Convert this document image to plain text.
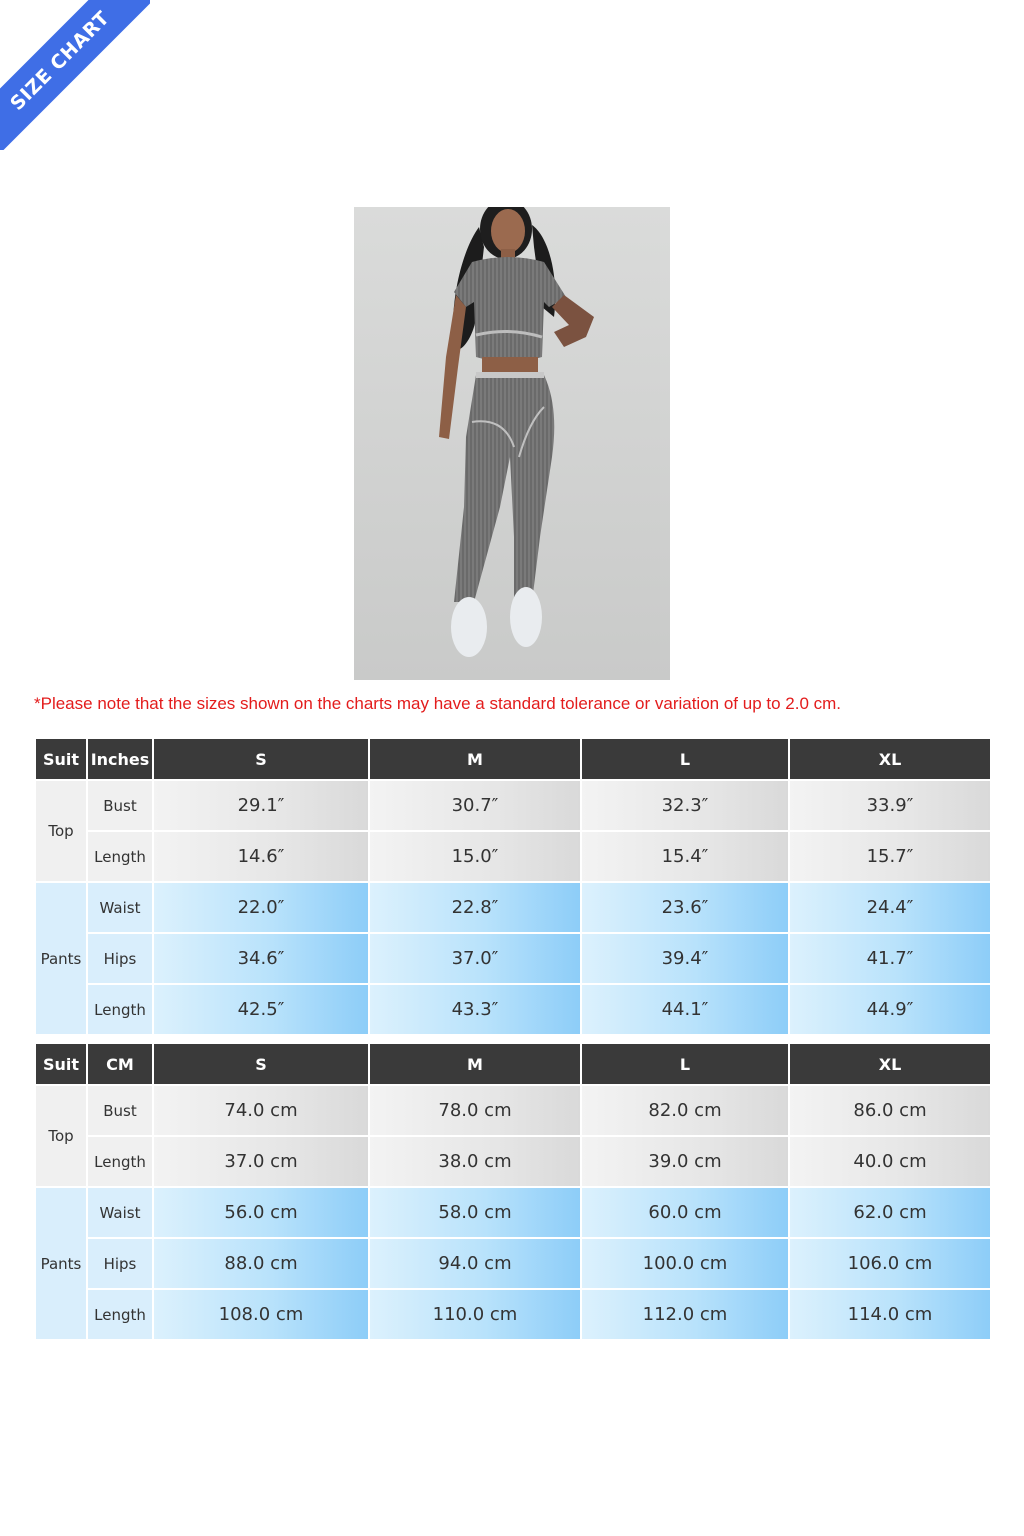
SIZE CHART
*Please note that the sizes shown on the charts may have a standard tolerance or variation of up to 2.0 cm.
Suit	Inches	S	M	L	XL
Top	Bust	29.1″	30.7″	32.3″	33.9″
	Length	14.6″	15.0″	15.4″	15.7″
Pants	Waist	22.0″	22.8″	23.6″	24.4″
	Hips	34.6″	37.0″	39.4″	41.7″
	Length	42.5″	43.3″	44.1″	44.9″
Suit	CM	S	M	L	XL
Top	Bust	74.0 cm	78.0 cm	82.0 cm	86.0 cm
	Length	37.0 cm	38.0 cm	39.0 cm	40.0 cm
Pants	Waist	56.0 cm	58.0 cm	60.0 cm	62.0 cm
	Hips	88.0 cm	94.0 cm	100.0 cm	106.0 cm
	Length	108.0 cm	110.0 cm	112.0 cm	114.0 cm
